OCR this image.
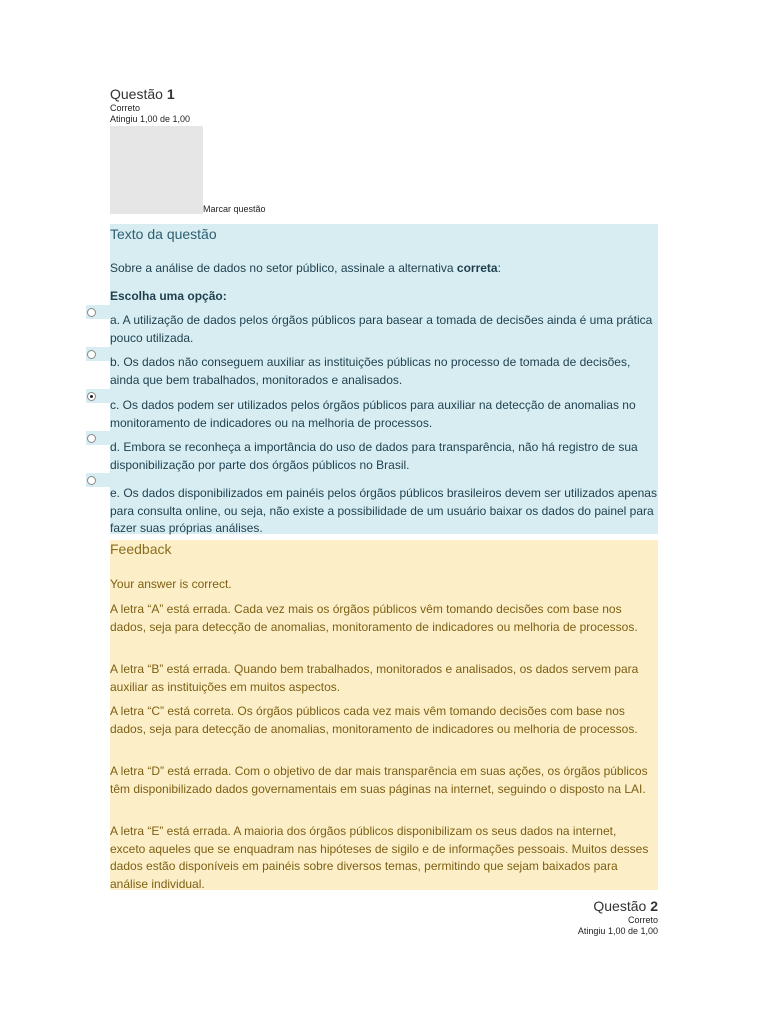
Questão 1
Correto
Atingiu 1,00 de 1,00
Marcar questão
Texto da questão
Sobre a análise de dados no setor público, assinale a alternativa correta:
Escolha uma opção:
a. A utilização de dados pelos órgãos públicos para basear a tomada de decisões ainda é uma prática pouco utilizada.
b. Os dados não conseguem auxiliar as instituições públicas no processo de tomada de decisões, ainda que bem trabalhados, monitorados e analisados.
c. Os dados podem ser utilizados pelos órgãos públicos para auxiliar na detecção de anomalias no monitoramento de indicadores ou na melhoria de processos.
d. Embora se reconheça a importância do uso de dados para transparência, não há registro de sua disponibilização por parte dos órgãos públicos no Brasil.
e. Os dados disponibilizados em painéis pelos órgãos públicos brasileiros devem ser utilizados apenas para consulta online, ou seja, não existe a possibilidade de um usuário baixar os dados do painel para fazer suas próprias análises.
Feedback
Your answer is correct.
A letra “A” está errada. Cada vez mais os órgãos públicos vêm tomando decisões com base nos dados, seja para detecção de anomalias, monitoramento de indicadores ou melhoria de processos.
A letra “B” está errada. Quando bem trabalhados, monitorados e analisados, os dados servem para auxiliar as instituições em muitos aspectos.
A letra “C” está correta. Os órgãos públicos cada vez mais vêm tomando decisões com base nos dados, seja para detecção de anomalias, monitoramento de indicadores ou melhoria de processos.
A letra “D” está errada. Com o objetivo de dar mais transparência em suas ações, os órgãos públicos têm disponibilizado dados governamentais em suas páginas na internet, seguindo o disposto na LAI.
A letra “E” está errada. A maioria dos órgãos públicos disponibilizam os seus dados na internet, exceto aqueles que se enquadram nas hipóteses de sigilo e de informações pessoais. Muitos desses dados estão disponíveis em painéis sobre diversos temas, permitindo que sejam baixados para análise individual.
Questão 2
Correto
Atingiu 1,00 de 1,00
